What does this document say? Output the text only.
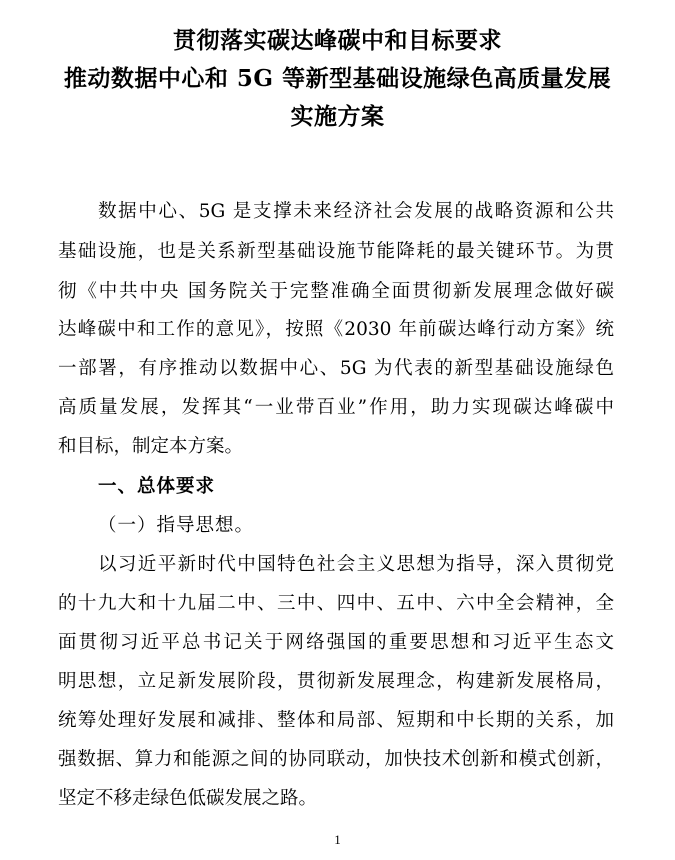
贯彻落实碳达峰碳中和目标要求
推动数据中心和 5G 等新型基础设施绿色高质量发展
实施方案
数据中心、5G 是支撑未来经济社会发展的战略资源和公共
基础设施，也是关系新型基础设施节能降耗的最关键环节。为贯
彻《中共中央 国务院关于完整准确全面贯彻新发展理念做好碳
达峰碳中和工作的意见》，按照《2030 年前碳达峰行动方案》统
一部署，有序推动以数据中心、5G 为代表的新型基础设施绿色
高质量发展，发挥其“一业带百业”作用，助力实现碳达峰碳中
和目标，制定本方案。
一、总体要求
（一）指导思想。
以习近平新时代中国特色社会主义思想为指导，深入贯彻党
的十九大和十九届二中、三中、四中、五中、六中全会精神，全
面贯彻习近平总书记关于网络强国的重要思想和习近平生态文
明思想，立足新发展阶段，贯彻新发展理念，构建新发展格局，
统筹处理好发展和减排、整体和局部、短期和中长期的关系，加
强数据、算力和能源之间的协同联动，加快技术创新和模式创新，
坚定不移走绿色低碳发展之路。
1
